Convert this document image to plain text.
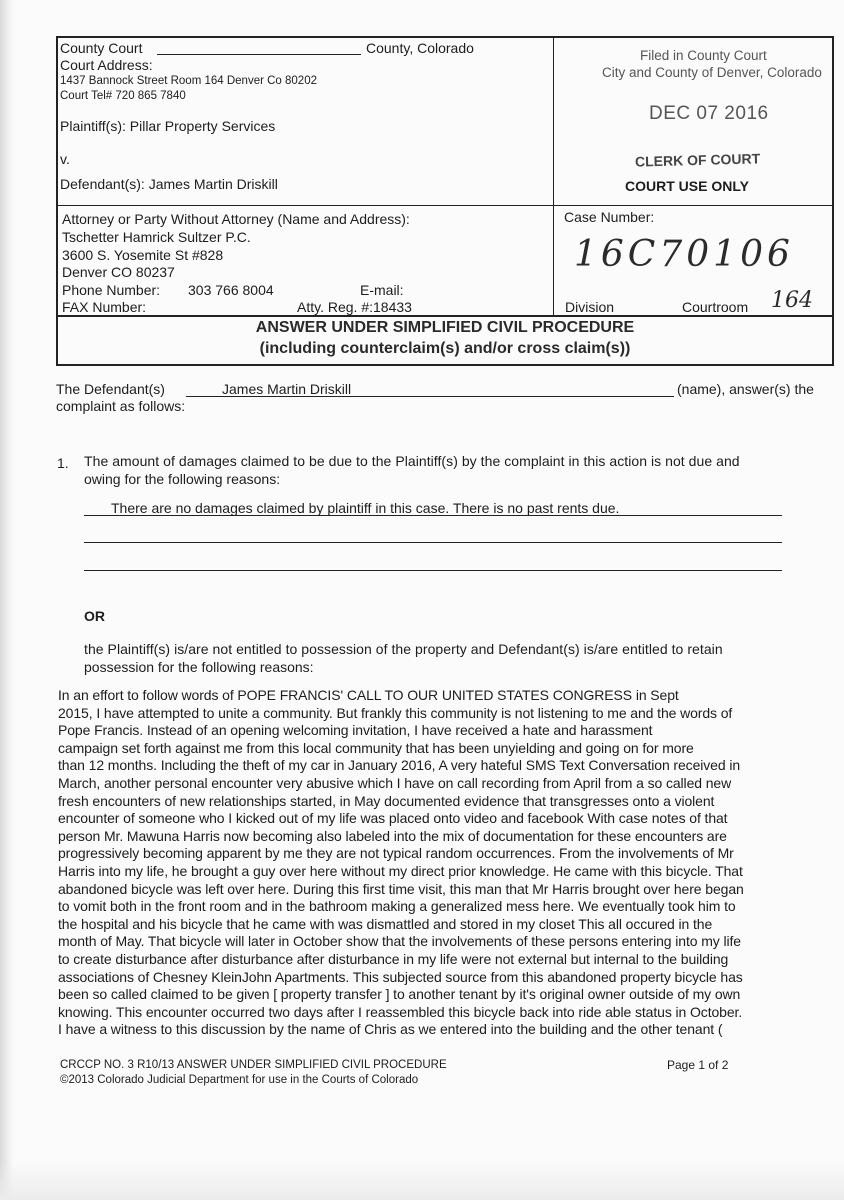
County Court	County, Colorado
Court Address:
1437 Bannock Street Room 164 Denver Co 80202
Court Tel# 720 865 7840
Plaintiff(s): Pillar Property Services
v.
Defendant(s): James Martin Driskill
Filed in County Court
City and County of Denver, Colorado
DEC 07 2016
CLERK OF COURT
COURT USE ONLY
Attorney or Party Without Attorney (Name and Address):
Tschetter Hamrick Sultzer P.C.
3600 S. Yosemite St #828
Denver CO 80237
Phone Number: 303 766 8004	E-mail:
FAX Number:	Atty. Reg. #:18433
Case Number:
16C70106
Division	Courtroom 164
ANSWER UNDER SIMPLIFIED CIVIL PROCEDURE
(including counterclaim(s) and/or cross claim(s))
The Defendant(s)	James Martin Driskill	(name), answer(s) the
complaint as follows:
1. The amount of damages claimed to be due to the Plaintiff(s) by the complaint in this action is not due and
owing for the following reasons:
There are no damages claimed by plaintiff in this case. There is no past rents due.
OR
the Plaintiff(s) is/are not entitled to possession of the property and Defendant(s) is/are entitled to retain
possession for the following reasons:
In an effort to follow words of POPE FRANCIS' CALL TO OUR UNITED STATES CONGRESS in Sept
2015, I have attempted to unite a community. But frankly this community is not listening to me and the words of
Pope Francis. Instead of an opening welcoming invitation, I have received a hate and harassment
campaign set forth against me from this local community that has been unyielding and going on for more
than 12 months. Including the theft of my car in January 2016, A very hateful SMS Text Conversation received in
March, another personal encounter very abusive which I have on call recording from April from a so called new
fresh encounters of new relationships started, in May documented evidence that transgresses onto a violent
encounter of someone who I kicked out of my life was placed onto video and facebook With case notes of that
person Mr. Mawuna Harris now becoming also labeled into the mix of documentation for these encounters are
progressively becoming apparent by me they are not typical random occurrences. From the involvements of Mr
Harris into my life, he brought a guy over here without my direct prior knowledge. He came with this bicycle. That
abandoned bicycle was left over here. During this first time visit, this man that Mr Harris brought over here began
to vomit both in the front room and in the bathroom making a generalized mess here. We eventually took him to
the hospital and his bicycle that he came with was dismattled and stored in my closet This all occured in the
month of May. That bicycle will later in October show that the involvements of these persons entering into my life
to create disturbance after disturbance after disturbance in my life were not external but internal to the building
associations of Chesney KleinJohn Apartments. This subjected source from this abandoned property bicycle has
been so called claimed to be given [ property transfer ] to another tenant by it's original owner outside of my own
knowing. This encounter occurred two days after I reassembled this bicycle back into ride able status in October.
I have a witness to this discussion by the name of Chris as we entered into the building and the other tenant (
CRCCP NO. 3 R10/13 ANSWER UNDER SIMPLIFIED CIVIL PROCEDURE
©2013 Colorado Judicial Department for use in the Courts of Colorado
Page 1 of 2
